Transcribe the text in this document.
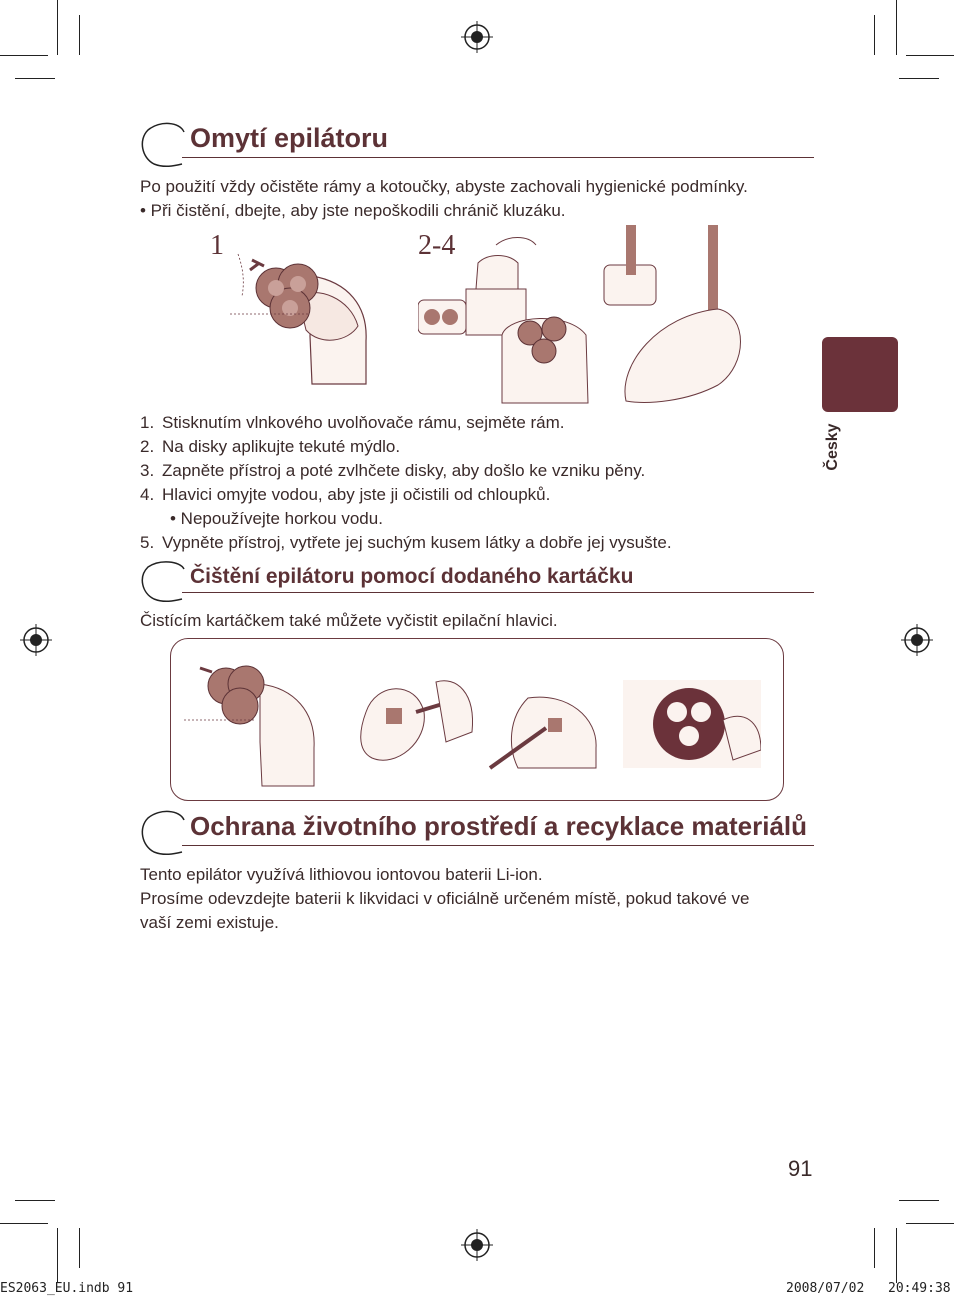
Omytí epilátoru
Po použití vždy očistěte rámy a kotoučky, abyste zachovali hygienické podmínky.
• Při čistění, dbejte, aby jste nepoškodili chránič kluzáku.
1	2-4
1. Stisknutím vlnkového uvolňovače rámu, sejměte rám.
2. Na disky aplikujte tekuté mýdlo.
3. Zapněte přístroj a poté zvlhčete disky, aby došlo ke vzniku pěny.
4. Hlavici omyjte vodou, aby jste ji očistili od chloupků.
• Nepoužívejte horkou vodu.
5. Vypněte přístroj, vytřete jej suchým kusem látky a dobře jej vysušte.
Čištění epilátoru pomocí dodaného kartáčku
Čistícím kartáčkem také můžete vyčistit epilační hlavici.
Ochrana životního prostředí a recyklace materiálů
Tento epilátor využívá lithiovou iontovou baterii Li-ion.
Prosíme odevzdejte baterii k likvidaci v oficiálně určeném místě, pokud takové ve
vaší zemi existuje.
Česky
91
ES2063_EU.indb 91	2008/07/02 20:49:38
